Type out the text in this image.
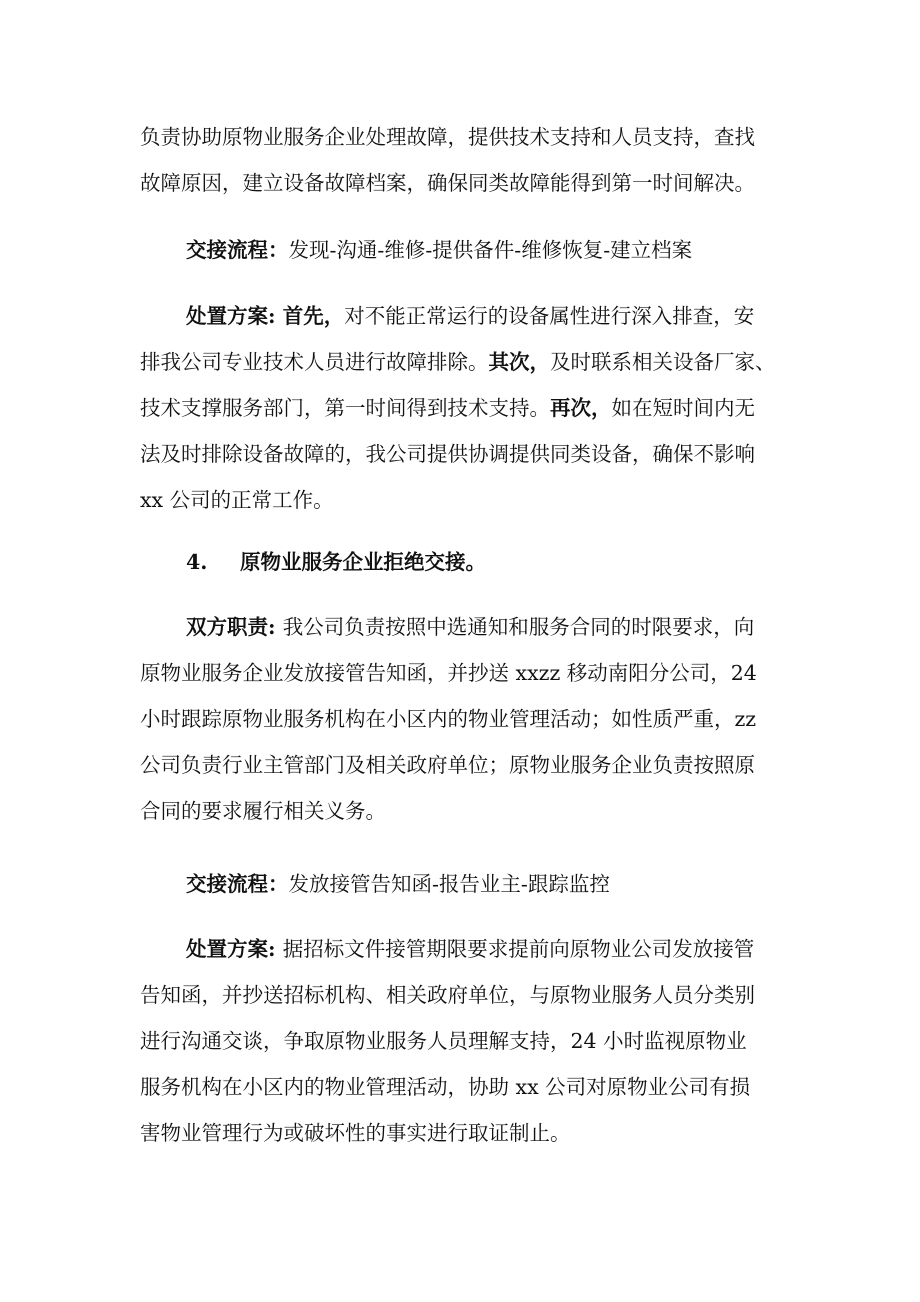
负责协助原物业服务企业处理故障，提供技术支持和人员支持，查找
故障原因，建立设备故障档案，确保同类故障能得到第一时间解决。
交接流程：发现-沟通-维修-提供备件-维修恢复-建立档案
处置方案: 首先，对不能正常运行的设备属性进行深入排查，安
排我公司专业技术人员进行故障排除。其次，及时联系相关设备厂家、
技术支撑服务部门，第一时间得到技术支持。再次，如在短时间内无
法及时排除设备故障的，我公司提供协调提供同类设备，确保不影响
xx 公司的正常工作。
4. 原物业服务企业拒绝交接。
双方职责: 我公司负责按照中选通知和服务合同的时限要求，向
原物业服务企业发放接管告知函，并抄送 xxzz 移动南阳分公司，24
小时跟踪原物业服务机构在小区内的物业管理活动；如性质严重，zz
公司负责行业主管部门及相关政府单位；原物业服务企业负责按照原
合同的要求履行相关义务。
交接流程：发放接管告知函-报告业主-跟踪监控
处置方案: 据招标文件接管期限要求提前向原物业公司发放接管
告知函，并抄送招标机构、相关政府单位，与原物业服务人员分类别
进行沟通交谈，争取原物业服务人员理解支持，24 小时监视原物业
服务机构在小区内的物业管理活动，协助 xx 公司对原物业公司有损
害物业管理行为或破坏性的事实进行取证制止。
